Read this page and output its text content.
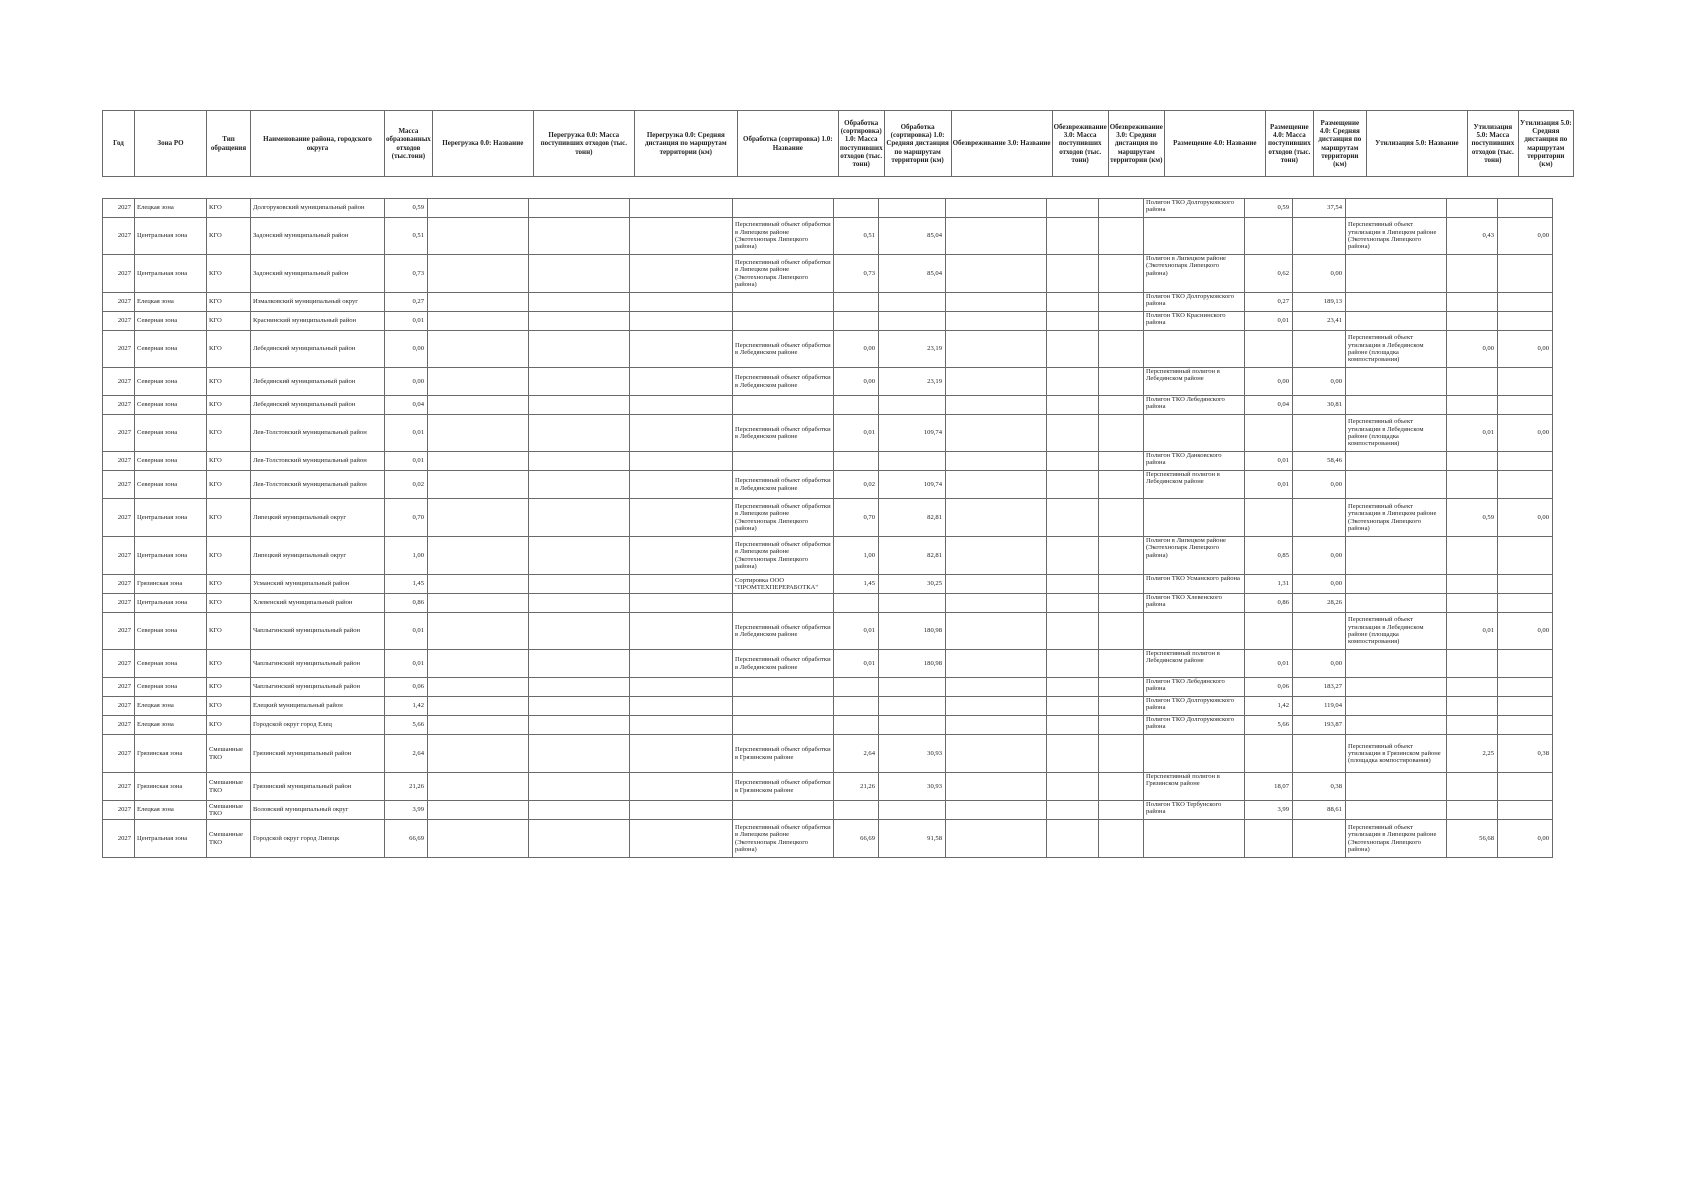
Год	Зона РО	Тип обращения	Наименование района, городского округа	Масса образованных отходов (тыс.тонн)	Перегрузка 0.0: Название	Перегрузка 0.0: Масса поступивших отходов (тыс. тонн)	Перегрузка 0.0: Средняя дистанция по маршрутам территории (км)	Обработка (сортировка) 1.0: Название	Обработка (сортировка) 1.0: Масса поступивших отходов (тыс. тонн)	Обработка (сортировка) 1.0: Средняя дистанция по маршрутам территории (км)	Обезвреживание 3.0: Название	Обезвреживание 3.0: Масса поступивших отходов (тыс. тонн)	Обезвреживание 3.0: Средняя дистанция по маршрутам территории (км)	Размещение 4.0: Название	Размещение 4.0: Масса поступивших отходов (тыс. тонн)	Размещение 4.0: Средняя дистанция по маршрутам территории (км)	Утилизация 5.0: Название	Утилизация 5.0: Масса поступивших отходов (тыс. тонн)	Утилизация 5.0: Средняя дистанция по маршрутам территории (км)
2027	Елецкая зона	КГО	Долгоруковский муниципальный район	0,59										Полигон ТКО Долгоруковского района	0,59	37,54			
2027	Центральная зона	КГО	Задонский муниципальный район	0,51				Перспективный объект обработки в Липецком районе (Экотехнопарк Липецкого района)	0,51	85,04							Перспективный объект утилизации в Липецком районе (Экотехнопарк Липецкого района)	0,43	0,00
2027	Центральная зона	КГО	Задонский муниципальный район	0,73				Перспективный объект обработки в Липецком районе (Экотехнопарк Липецкого района)	0,73	85,04				Полигон в Липецком районе (Экотехнопарк Липецкого района)	0,62	0,00			
2027	Елецкая зона	КГО	Измалковский муниципальный округ	0,27										Полигон ТКО Долгоруковского района	0,27	189,13			
2027	Северная зона	КГО	Краснинский муниципальный район	0,01										Полигон ТКО Краснинского района	0,01	23,41			
2027	Северная зона	КГО	Лебедянский муниципальный район	0,00				Перспективный объект обработки в Лебедянском районе	0,00	23,19							Перспективный объект утилизации в Лебедянском районе (площадка компостирования)	0,00	0,00
2027	Северная зона	КГО	Лебедянский муниципальный район	0,00				Перспективный объект обработки в Лебедянском районе	0,00	23,19				Перспективный полигон в Лебедянском районе	0,00	0,00			
2027	Северная зона	КГО	Лебедянский муниципальный район	0,04										Полигон ТКО Лебедянского района	0,04	30,81			
2027	Северная зона	КГО	Лев-Толстовский муниципальный район	0,01				Перспективный объект обработки в Лебедянском районе	0,01	109,74							Перспективный объект утилизации в Лебедянском районе (площадка компостирования)	0,01	0,00
2027	Северная зона	КГО	Лев-Толстовский муниципальный район	0,01										Полигон ТКО Данковского района	0,01	58,46			
2027	Северная зона	КГО	Лев-Толстовский муниципальный район	0,02				Перспективный объект обработки в Лебедянском районе	0,02	109,74				Перспективный полигон в Лебедянском районе	0,01	0,00			
2027	Центральная зона	КГО	Липецкий муниципальный округ	0,70				Перспективный объект обработки в Липецком районе (Экотехнопарк Липецкого района)	0,70	82,81							Перспективный объект утилизации в Липецком районе (Экотехнопарк Липецкого района)	0,59	0,00
2027	Центральная зона	КГО	Липецкий муниципальный округ	1,00				Перспективный объект обработки в Липецком районе (Экотехнопарк Липецкого района)	1,00	82,81				Полигон в Липецком районе (Экотехнопарк Липецкого района)	0,85	0,00			
2027	Грязинская зона	КГО	Усманский муниципальный район	1,45				Сортировка ООО "ПРОМТЕХПЕРЕРАБОТКА"	1,45	30,25				Полигон ТКО Усманского района	1,31	0,00			
2027	Центральная зона	КГО	Хлевенский муниципальный район	0,86										Полигон ТКО Хлевенского района	0,86	28,26			
2027	Северная зона	КГО	Чаплыгинский муниципальный район	0,01				Перспективный объект обработки в Лебедянском районе	0,01	180,98							Перспективный объект утилизации в Лебедянском районе (площадка компостирования)	0,01	0,00
2027	Северная зона	КГО	Чаплыгинский муниципальный район	0,01				Перспективный объект обработки в Лебедянском районе	0,01	180,98				Перспективный полигон в Лебедянском районе	0,01	0,00			
2027	Северная зона	КГО	Чаплыгинский муниципальный район	0,06										Полигон ТКО Лебедянского района	0,06	183,27			
2027	Елецкая зона	КГО	Елецкий муниципальный район	1,42										Полигон ТКО Долгоруковского района	1,42	119,04			
2027	Елецкая зона	КГО	Городской округ город Елец	5,66										Полигон ТКО Долгоруковского района	5,66	193,87			
2027	Грязинская зона	Смешанные ТКО	Грязинский муниципальный район	2,64				Перспективный объект обработки в Грязинском районе	2,64	30,93							Перспективный объект утилизации в Грязинском районе (площадка компостирования)	2,25	0,38
2027	Грязинская зона	Смешанные ТКО	Грязинский муниципальный район	21,26				Перспективный объект обработки в Грязинском районе	21,26	30,93				Перспективный полигон в Грязинском районе	18,07	0,38			
2027	Елецкая зона	Смешанные ТКО	Воловский муниципальный округ	3,99										Полигон ТКО Тербунского района	3,99	88,61			
2027	Центральная зона	Смешанные ТКО	Городской округ город Липецк	66,69				Перспективный объект обработки в Липецком районе (Экотехнопарк Липецкого района)	66,69	91,58							Перспективный объект утилизации в Липецком районе (Экотехнопарк Липецкого района)	56,68	0,00
